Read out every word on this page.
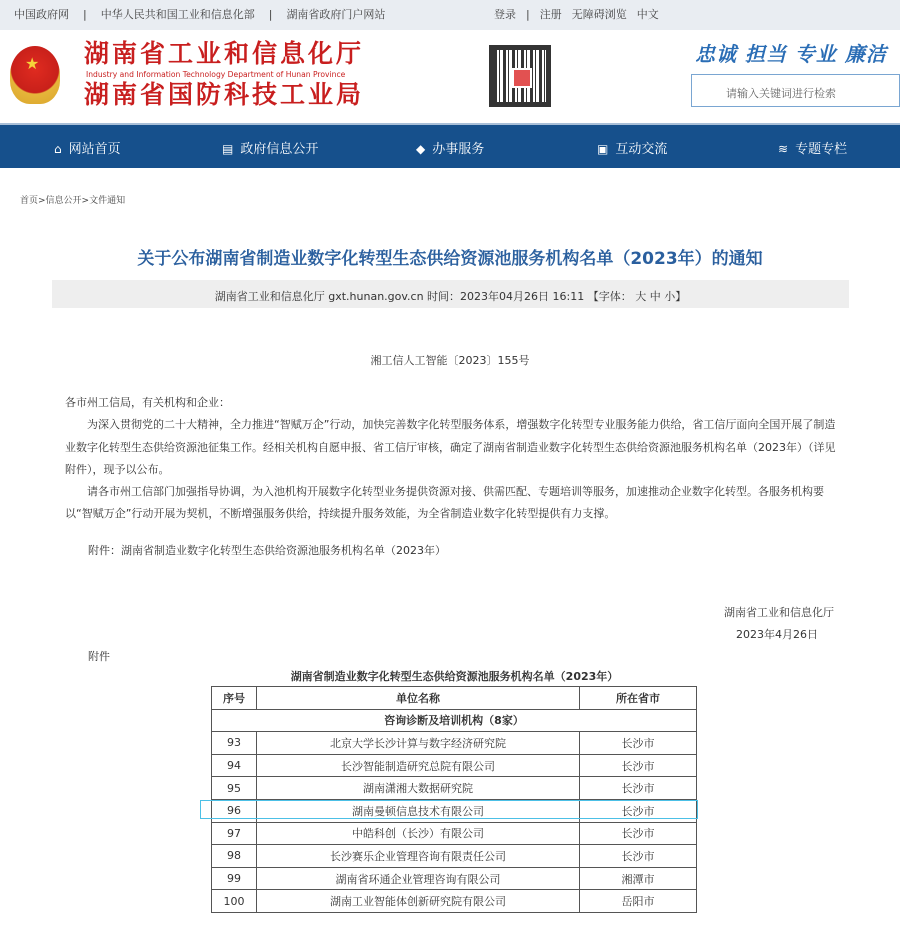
中国政府网 | 中华人民共和国工业和信息化部 | 湖南省政府门户网站	登录 | 注册 无障碍浏览 中文
★
湖南省工业和信息化厅
Industry and Information Technology Department of Hunan Province
湖南省国防科技工业局
忠诚 担当 专业 廉洁
请输入关键词进行检索
⌂ 网站首页	▤ 政府信息公开	◆ 办事服务	▣ 互动交流	≋ 专题专栏
首页>信息公开>文件通知
关于公布湖南省制造业数字化转型生态供给资源池服务机构名单（2023年）的通知
湖南省工业和信息化厅 gxt.hunan.gov.cn 时间：2023年04月26日 16:11 【字体： 大 中 小】
湘工信人工智能〔2023〕155号

各市州工信局，有关机构和企业：

为深入贯彻党的二十大精神，全力推进“智赋万企”行动，加快完善数字化转型服务体系，增强数字化转型专业服务能力供给，省工信厅面向全国开展了制造业数字化转型生态供给资源池征集工作。经相关机构自愿申报、省工信厅审核，确定了湖南省制造业数字化转型生态供给资源池服务机构名单（2023年）（详见附件），现予以公布。

请各市州工信部门加强指导协调，为入池机构开展数字化转型业务提供资源对接、供需匹配、专题培训等服务，加速推动企业数字化转型。各服务机构要以“智赋万企”行动开展为契机，不断增强服务供给，持续提升服务效能，为全省制造业数字化转型提供有力支撑。

附件：湖南省制造业数字化转型生态供给资源池服务机构名单（2023年）

湖南省工业和信息化厅

2023年4月26日

附件

湖南省制造业数字化转型生态供给资源池服务机构名单（2023年）
序号	单位名称	所在省市
咨询诊断及培训机构（8家）		
93	北京大学长沙计算与数字经济研究院	长沙市
94	长沙智能制造研究总院有限公司	长沙市
95	湖南潇湘大数据研究院	长沙市
96	湖南曼顿信息技术有限公司	长沙市
97	中皓科创（长沙）有限公司	长沙市
98	长沙赛乐企业管理咨询有限责任公司	长沙市
99	湖南省环通企业管理咨询有限公司	湘潭市
100	湖南工业智能体创新研究院有限公司	岳阳市
